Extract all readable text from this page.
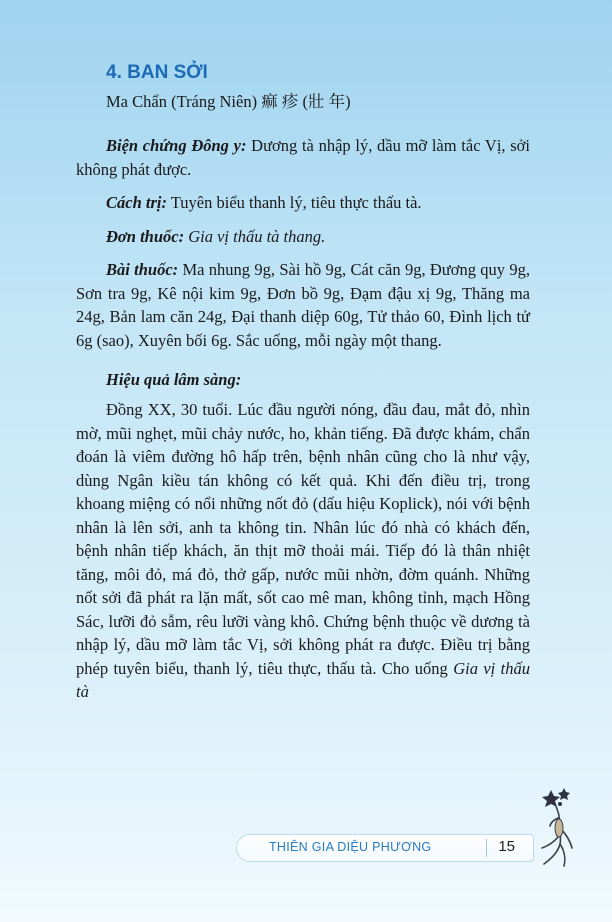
4. BAN SỞI
Ma Chẩn (Tráng Niên) 痲 疹 (壯 年)

Biện chứng Đông y: Dương tà nhập lý, dầu mỡ làm tắc Vị, sởi không phát được.

Cách trị: Tuyên biểu thanh lý, tiêu thực thấu tà.

Đơn thuốc: Gia vị thấu tà thang.

Bài thuốc: Ma nhung 9g, Sài hồ 9g, Cát căn 9g, Đương quy 9g, Sơn tra 9g, Kê nội kim 9g, Đơn bồ 9g, Đạm đậu xị 9g, Thăng ma 24g, Bản lam căn 24g, Đại thanh diệp 60g, Tử thảo 60, Đình lịch tử 6g (sao), Xuyên bối 6g. Sắc uống, mỗi ngày một thang.

Hiệu quả lâm sàng:

Đồng XX, 30 tuổi. Lúc đầu người nóng, đầu đau, mắt đỏ, nhìn mờ, mũi nghẹt, mũi chảy nước, ho, khản tiếng. Đã được khám, chẩn đoán là viêm đường hô hấp trên, bệnh nhân cũng cho là như vậy, dùng Ngân kiều tán không có kết quả. Khi đến điều trị, trong khoang miệng có nổi những nốt đỏ (dấu hiệu Koplick), nói với bệnh nhân là lên sởi, anh ta không tin. Nhân lúc đó nhà có khách đến, bệnh nhân tiếp khách, ăn thịt mỡ thoải mái. Tiếp đó là thân nhiệt tăng, môi đỏ, má đỏ, thở gấp, nước mũi nhờn, đờm quánh. Những nốt sởi đã phát ra lặn mất, sốt cao mê man, không tỉnh, mạch Hồng Sác, lưỡi đỏ sẫm, rêu lưỡi vàng khô. Chứng bệnh thuộc về dương tà nhập lý, dầu mỡ làm tắc Vị, sởi không phát ra được. Điều trị bằng phép tuyên biểu, thanh lý, tiêu thực, thấu tà. Cho uống Gia vị thấu tà

THIÊN GIA DIỆU PHƯƠNG	15
